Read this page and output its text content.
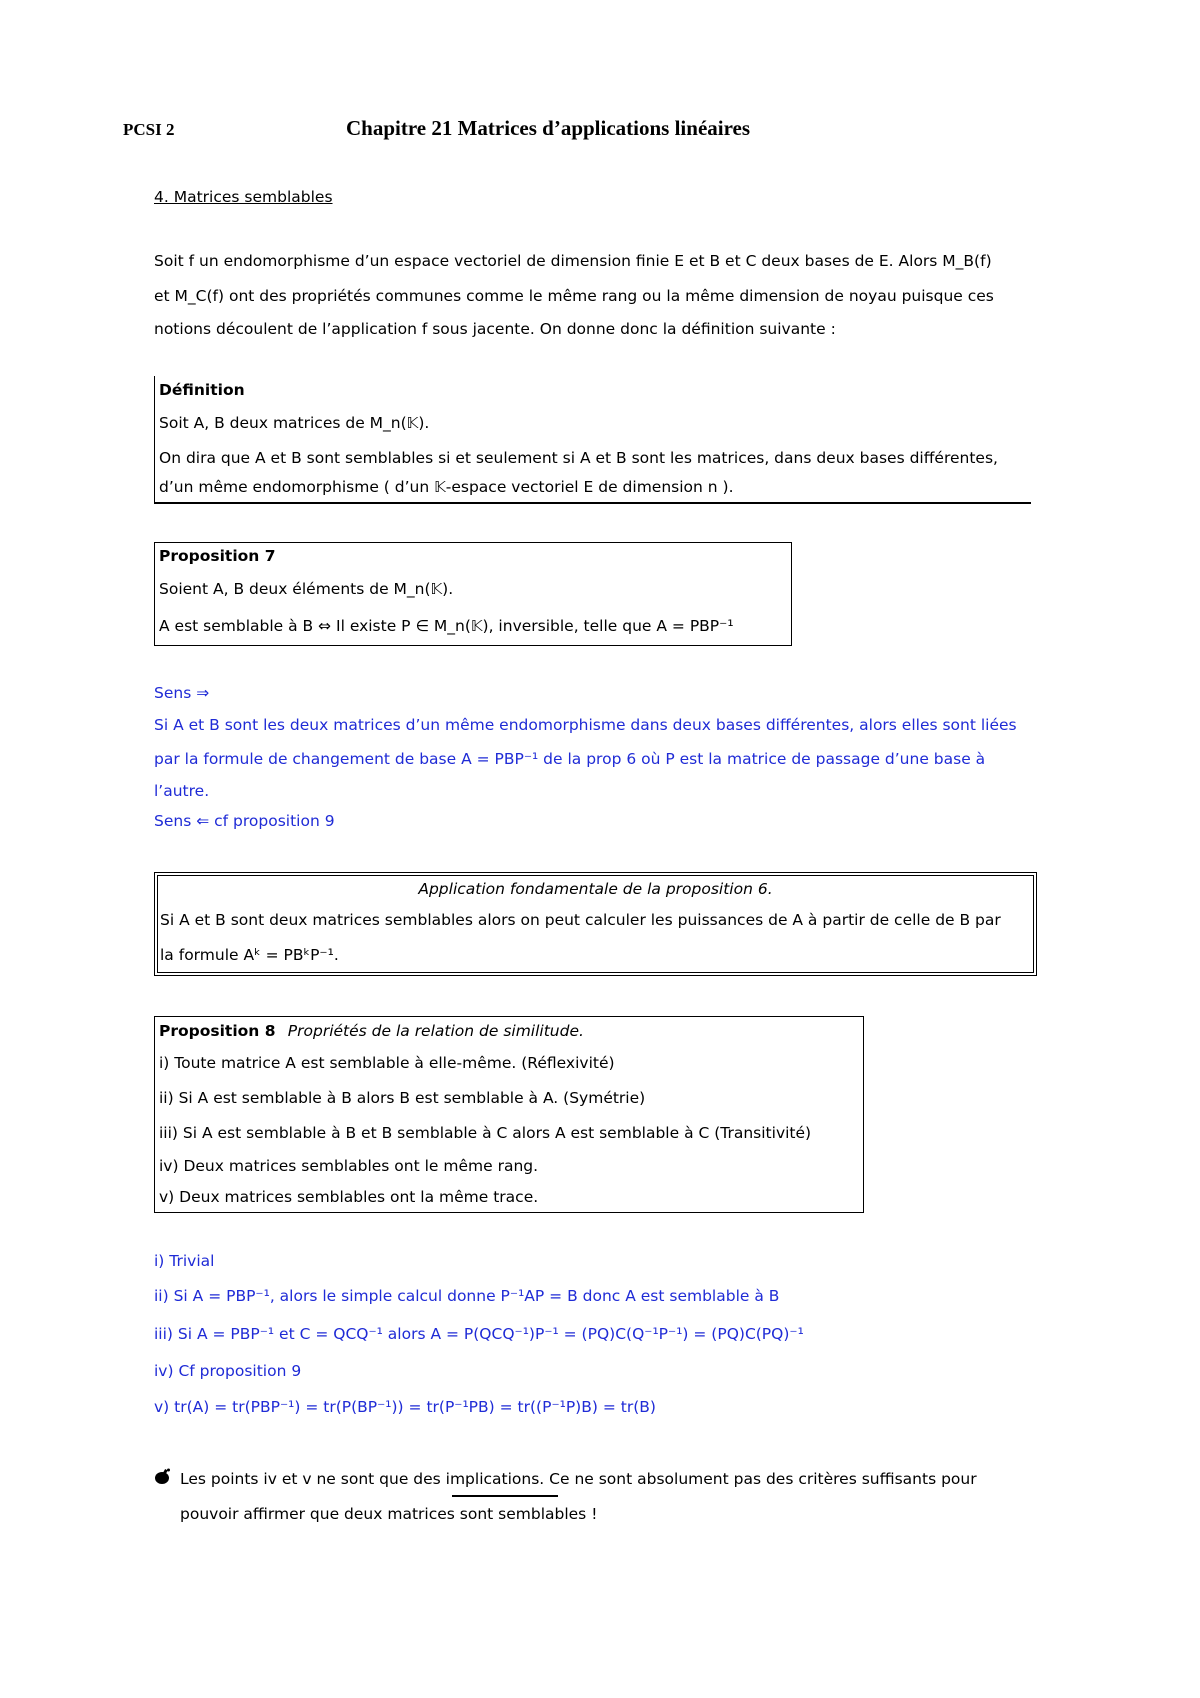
PCSI 2	Chapitre 21 Matrices d’applications linéaires
4. Matrices semblables
Soit f un endomorphisme d’un espace vectoriel de dimension finie E et B et C deux bases de E. Alors M_B(f)
et M_C(f) ont des propriétés communes comme le même rang ou la même dimension de noyau puisque ces
notions découlent de l’application f sous jacente. On donne donc la définition suivante :
Définition
Soit A, B deux matrices de M_n(𝕂).
On dira que A et B sont semblables si et seulement si A et B sont les matrices, dans deux bases différentes,
d’un même endomorphisme ( d’un 𝕂-espace vectoriel E de dimension n ).
Proposition 7
Soient A, B deux éléments de M_n(𝕂).
A est semblable à B ⇔ Il existe P ∈ M_n(𝕂), inversible, telle que A = PBP⁻¹
Sens ⇒
Si A et B sont les deux matrices d’un même endomorphisme dans deux bases différentes, alors elles sont liées
par la formule de changement de base A = PBP⁻¹ de la prop 6 où P est la matrice de passage d’une base à
l’autre.
Sens ⇐ cf proposition 9
Application fondamentale de la proposition 6.
Si A et B sont deux matrices semblables alors on peut calculer les puissances de A à partir de celle de B par
la formule Aᵏ = PBᵏP⁻¹.
Proposition 8 Propriétés de la relation de similitude.
i) Toute matrice A est semblable à elle-même. (Réflexivité)
ii) Si A est semblable à B alors B est semblable à A. (Symétrie)
iii) Si A est semblable à B et B semblable à C alors A est semblable à C (Transitivité)
iv) Deux matrices semblables ont le même rang.
v) Deux matrices semblables ont la même trace.
i) Trivial
ii) Si A = PBP⁻¹, alors le simple calcul donne P⁻¹AP = B donc A est semblable à B
iii) Si A = PBP⁻¹ et C = QCQ⁻¹ alors A = P(QCQ⁻¹)P⁻¹ = (PQ)C(Q⁻¹P⁻¹) = (PQ)C(PQ)⁻¹
iv) Cf proposition 9
v) tr(A) = tr(PBP⁻¹) = tr(P(BP⁻¹)) = tr(P⁻¹PB) = tr((P⁻¹P)B) = tr(B)
Les points iv et v ne sont que des implications. Ce ne sont absolument pas des critères suffisants pour
pouvoir affirmer que deux matrices sont semblables !
